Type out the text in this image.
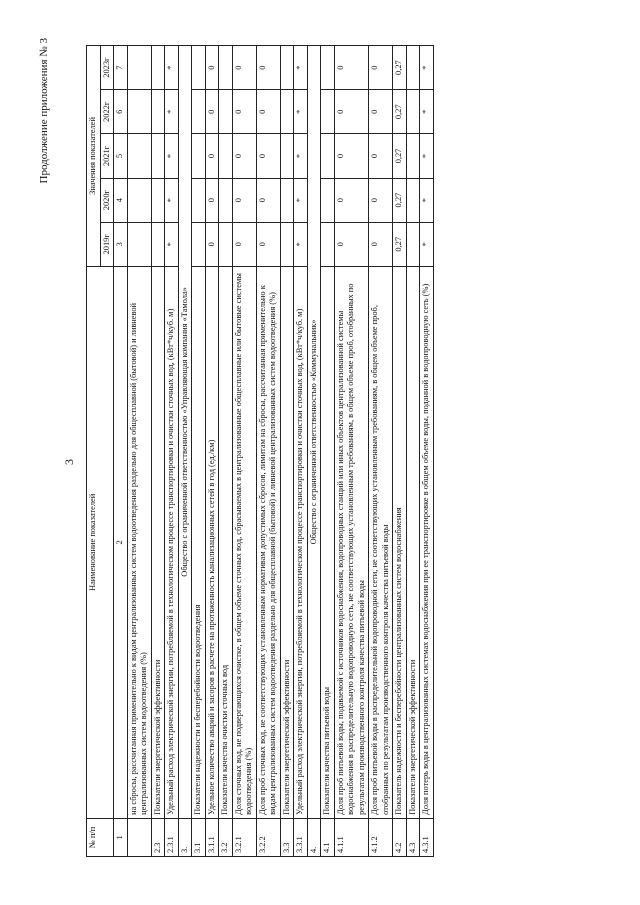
3
Продолжение приложения № 3
№ п/п	Наименование показателей	Значения показателей				
		2019г	2020г	2021г	2022г	2023г
1	2	3	4	5	6	7
	на сбросы, рассчитанная применительно к видам централизованных систем водоотведения раздельно для общесплавной (бытовой) и ливневой централизованных систем водоотведения (%)					
2.3	Показатели энергетической эффективности					
2.3.1	Удельный расход электрической энергии, потребляемой в технологическом процессе транспортировки и очистки сточных вод, (кВт*ч/куб. м)	*	*	*	*	*
3.	Общество с ограниченной ответственностью «Управляющая компания «Тамола»					
3.1	Показатели надежности и бесперебойности водоотведения					
3.1.1	Удельное количество аварий и засоров в расчете на протяженность канализационных сетей в год (ед./км)	0	0	0	0	0
3.2	Показатели качества очистки сточных вод					
3.2.1	Доля сточных вод, не подвергающихся очистке, в общем объеме сточных вод, сбрасываемых в централизованные общесплавные или бытовые системы водоотведения (%)	0	0	0	0	0
3.2.2	Доля проб сточных вод, не соответствующих установленным нормативам допустимых сбросов, лимитам на сбросы, рассчитанная применительно к видам централизованных систем водоотведения раздельно для общесплавной (бытовой) и ливневой централизованных систем водоотведения (%)	0	0	0	0	0
3.3	Показатели энергетической эффективности					
3.3.1	Удельный расход электрической энергии, потребляемой в технологическом процессе транспортировки и очистки сточных вод, (кВт*ч/куб. м)	*	*	*	*	*
4.	Общество с ограниченной ответственностью «Коммунальник»					
4.1	Показатели качества питьевой воды					
4.1.1	Доля проб питьевой воды, подаваемой с источников водоснабжения, водопроводных станций или иных объектов централизованной системы водоснабжения в распределительную водопроводную сеть, не соответствующих установленным требованиям, в общем объеме проб, отобранных по результатам производственного контроля качества питьевой воды	0	0	0	0	0
4.1.2	Доля проб питьевой воды в распределительной водопроводной сети, не соответствующих установленным требованиям, в общем объеме проб, отобранных по результатам производственного контроля качества питьевой воды	0	0	0	0	0
4.2	Показатель надежности и бесперебойности централизованных систем водоснабжения	0,27	0,27	0,27	0,27	0,27
4.3	Показатели энергетической эффективности					
4.3.1	Доля потерь воды в централизованных системах водоснабжения при ее транспортировке в общем объеме воды, поданной в водопроводную сеть (%)	*	*	*	*	*
